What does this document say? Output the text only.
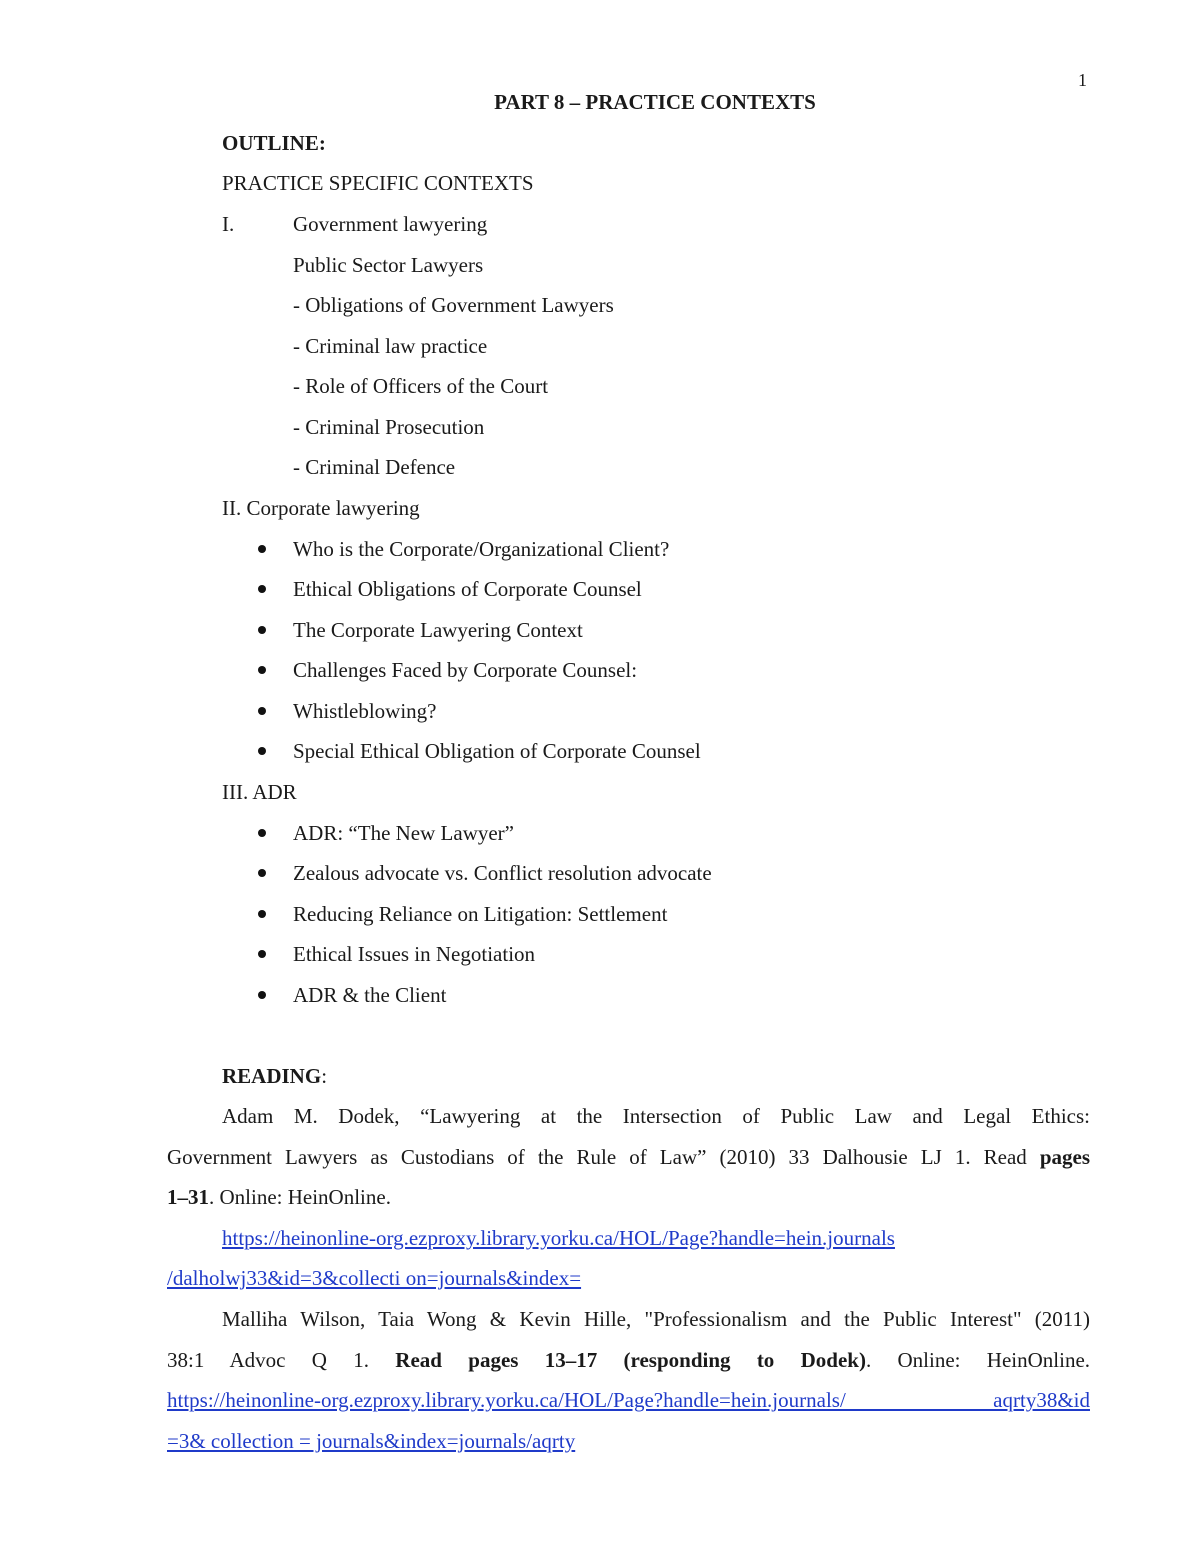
1
PART 8 – PRACTICE CONTEXTS
OUTLINE:
PRACTICE SPECIFIC CONTEXTS
I.	Government lawyering
Public Sector Lawyers
- Obligations of Government Lawyers
- Criminal law practice
- Role of Officers of the Court
- Criminal Prosecution
- Criminal Defence
II. Corporate lawyering
Who is the Corporate/Organizational Client?
Ethical Obligations of Corporate Counsel
The Corporate Lawyering Context
Challenges Faced by Corporate Counsel:
Whistleblowing?
Special Ethical Obligation of Corporate Counsel
III. ADR
ADR: “The New Lawyer”
Zealous advocate vs. Conflict resolution advocate
Reducing Reliance on Litigation: Settlement
Ethical Issues in Negotiation
ADR & the Client
READING:
Adam M. Dodek, “Lawyering at the Intersection of Public Law and Legal Ethics:
Government Lawyers as Custodians of the Rule of Law” (2010) 33 Dalhousie LJ 1. Read pages
1–31. Online: HeinOnline.
https://heinonline-org.ezproxy.library.yorku.ca/HOL/Page?handle=hein.journals
/dalholwj33&id=3&collecti on=journals&index=
Malliha Wilson, Taia Wong & Kevin Hille, "Professionalism and the Public Interest" (2011)
38:1 Advoc Q 1. Read pages 13–17 (responding to Dodek). Online: HeinOnline.
https://heinonline-org.ezproxy.library.yorku.ca/HOL/Page?handle=hein.journals/ aqrty38&id
=3& collection = journals&index=journals/aqrty
